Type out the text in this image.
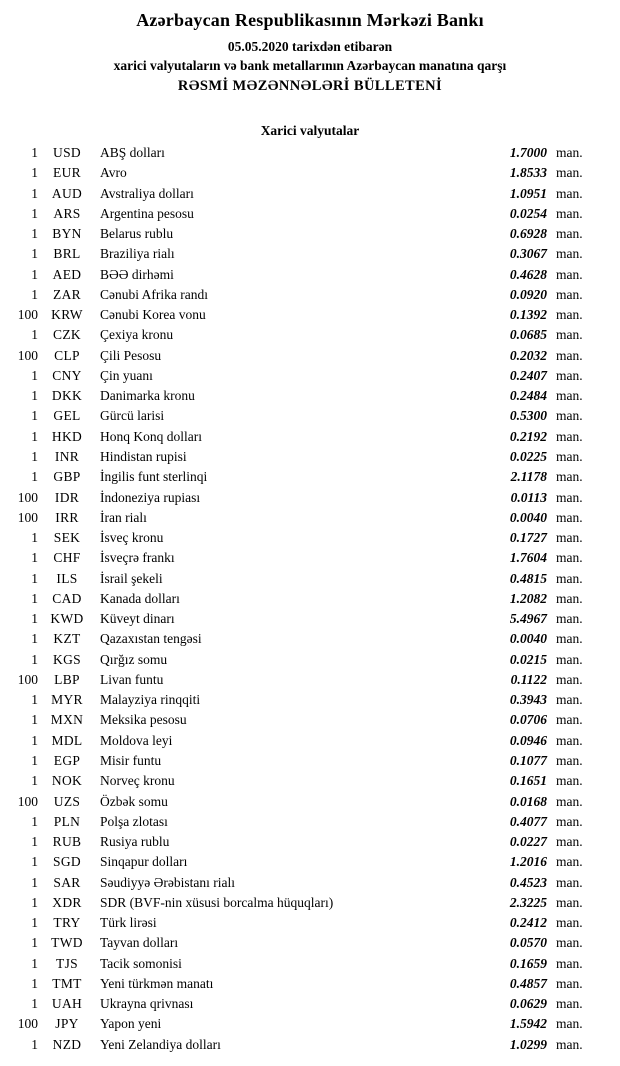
Azərbaycan Respublikasının Mərkəzi Bankı
05.05.2020 tarixdən etibarən
xarici valyutaların və bank metallarının Azərbaycan manatına qarşı
RƏSMİ MƏZƏNNƏLƏRİ BÜLLETENİ
Xarici valyutalar
1	USD	ABŞ dolları	1.7000 man.
1	EUR	Avro	1.8533 man.
1	AUD	Avstraliya dolları	1.0951 man.
1	ARS	Argentina pesosu	0.0254 man.
1	BYN	Belarus rublu	0.6928 man.
1	BRL	Braziliya rialı	0.3067 man.
1	AED	BƏƏ dirhəmi	0.4628 man.
1	ZAR	Cənubi Afrika randı	0.0920 man.
100 KRW	Cənubi Korea vonu	0.1392 man.
1	CZK	Çexiya kronu	0.0685 man.
100	CLP	Çili Pesosu	0.2032 man.
1	CNY	Çin yuanı	0.2407 man.
1	DKK	Danimarka kronu	0.2484 man.
1	GEL	Gürcü larisi	0.5300 man.
1	HKD	Honq Konq dolları	0.2192 man.
1	INR	Hindistan rupisi	0.0225 man.
1	GBP	İngilis funt sterlinqi	2.1178 man.
100	IDR	İndoneziya rupiası	0.0113 man.
100	IRR	İran rialı	0.0040 man.
1	SEK	İsveç kronu	0.1727 man.
1	CHF	İsveçrə frankı	1.7604 man.
1	ILS	İsrail şekeli	0.4815 man.
1	CAD	Kanada dolları	1.2082 man.
1 KWD	Küveyt dinarı	5.4967 man.
1	KZT	Qazaxıstan tengəsi	0.0040 man.
1	KGS	Qırğız somu	0.0215 man.
100	LBP	Livan funtu	0.1122 man.
1 MYR	Malayziya rinqqiti	0.3943 man.
1 MXN	Meksika pesosu	0.0706 man.
1	MDL	Moldova leyi	0.0946 man.
1	EGP	Misir funtu	0.1077 man.
1	NOK	Norveç kronu	0.1651 man.
100	UZS	Özbək somu	0.0168 man.
1	PLN	Polşa zlotası	0.4077 man.
1	RUB	Rusiya rublu	0.0227 man.
1	SGD	Sinqapur dolları	1.2016 man.
1	SAR	Səudiyyə Ərəbistanı rialı	0.4523 man.
1	XDR	SDR (BVF-nin xüsusi borcalma hüquqları)	2.3225 man.
1	TRY	Türk lirəsi	0.2412 man.
1 TWD	Tayvan dolları	0.0570 man.
1	TJS	Tacik somonisi	0.1659 man.
1	TMT	Yeni türkmən manatı	0.4857 man.
1	UAH	Ukrayna qrivnası	0.0629 man.
100	JPY	Yapon yeni	1.5942 man.
1	NZD	Yeni Zelandiya dolları	1.0299 man.
